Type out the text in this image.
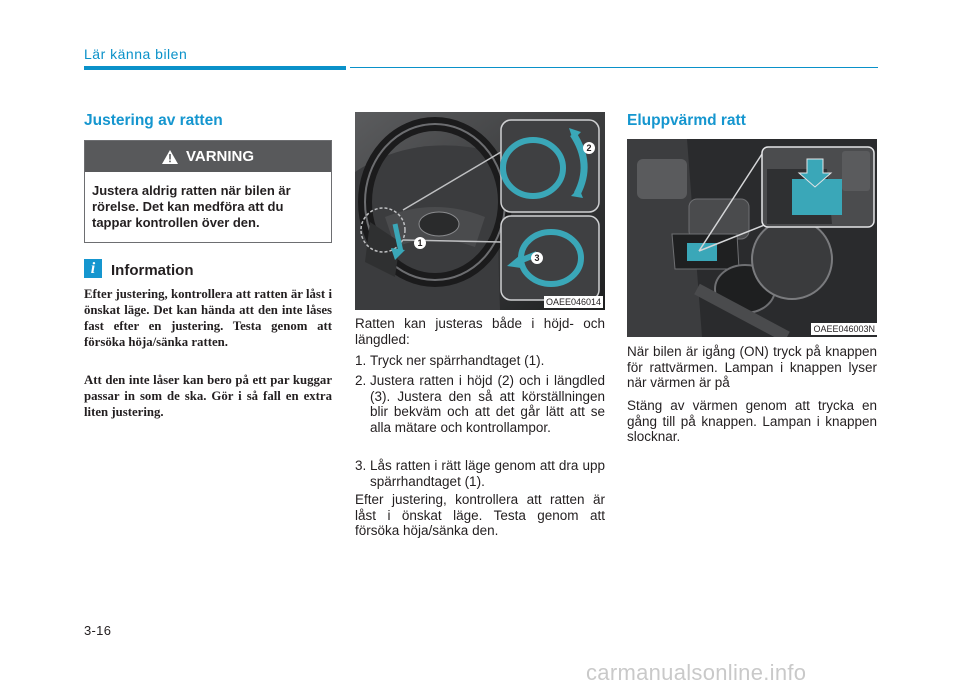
Lär känna bilen
Justering av ratten
VARNING
Justera aldrig ratten när bilen är rörelse. Det kan medföra att du tappar kontrollen över den.
i	Information
Efter justering, kontrollera att ratten är låst i önskat läge. Det kan hända att den inte låses fast efter en justering. Testa genom att försöka höja/sänka ratten.
Att den inte låser kan bero på ett par kuggar passar in som de ska. Gör i så fall en extra liten justering.
1
2
3
OAEE046014
Ratten kan justeras både i höjd- och längdled:
1. Tryck ner spärrhandtaget (1).
2. Justera ratten i höjd (2) och i längdled (3). Justera den så att körställningen blir bekväm och att det går lätt att se alla mätare och kontrollampor.
3. Lås ratten i rätt läge genom att dra upp spärrhandtaget (1).
Efter justering, kontrollera att ratten är låst i önskat läge. Testa genom att försöka höja/sänka den.
Eluppvärmd ratt
OAEE046003N
När bilen är igång (ON) tryck på knappen för rattvärmen. Lampan i knappen lyser när värmen är på
Stäng av värmen genom att trycka en gång till på knappen. Lampan i knappen slocknar.
3-16
carmanualsonline.info
